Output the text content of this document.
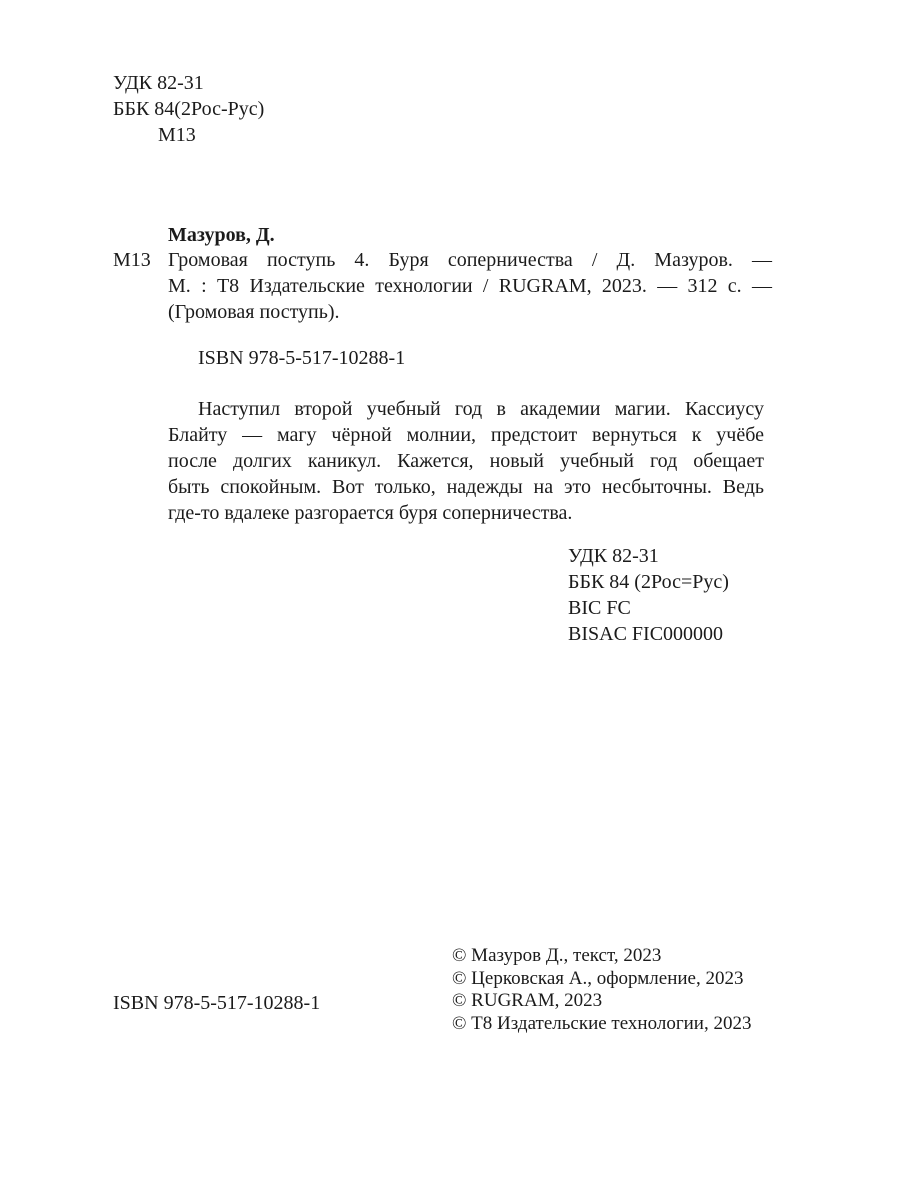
УДК 82-31
ББК 84(2Рос-Рус)
М13
Мазуров, Д.
М13 Громовая поступь 4. Буря соперничества / Д. Мазуров. —
М. : Т8 Издательские технологии / RUGRAM, 2023. — 312 с. —
(Громовая поступь).
ISBN 978-5-517-10288-1
Наступил второй учебный год в академии магии. Кассиусу
Блайту — магу чёрной молнии, предстоит вернуться к учёбе
после долгих каникул. Кажется, новый учебный год обещает
быть спокойным. Вот только, надежды на это несбыточны. Ведь
где-то вдалеке разгорается буря соперничества.
УДК 82-31
ББК 84 (2Рос=Рус)
BIC FC
BISAC FIC000000
ISBN 978-5-517-10288-1
© Мазуров Д., текст, 2023
© Церковская А., оформление, 2023
© RUGRAM, 2023
© Т8 Издательские технологии, 2023
